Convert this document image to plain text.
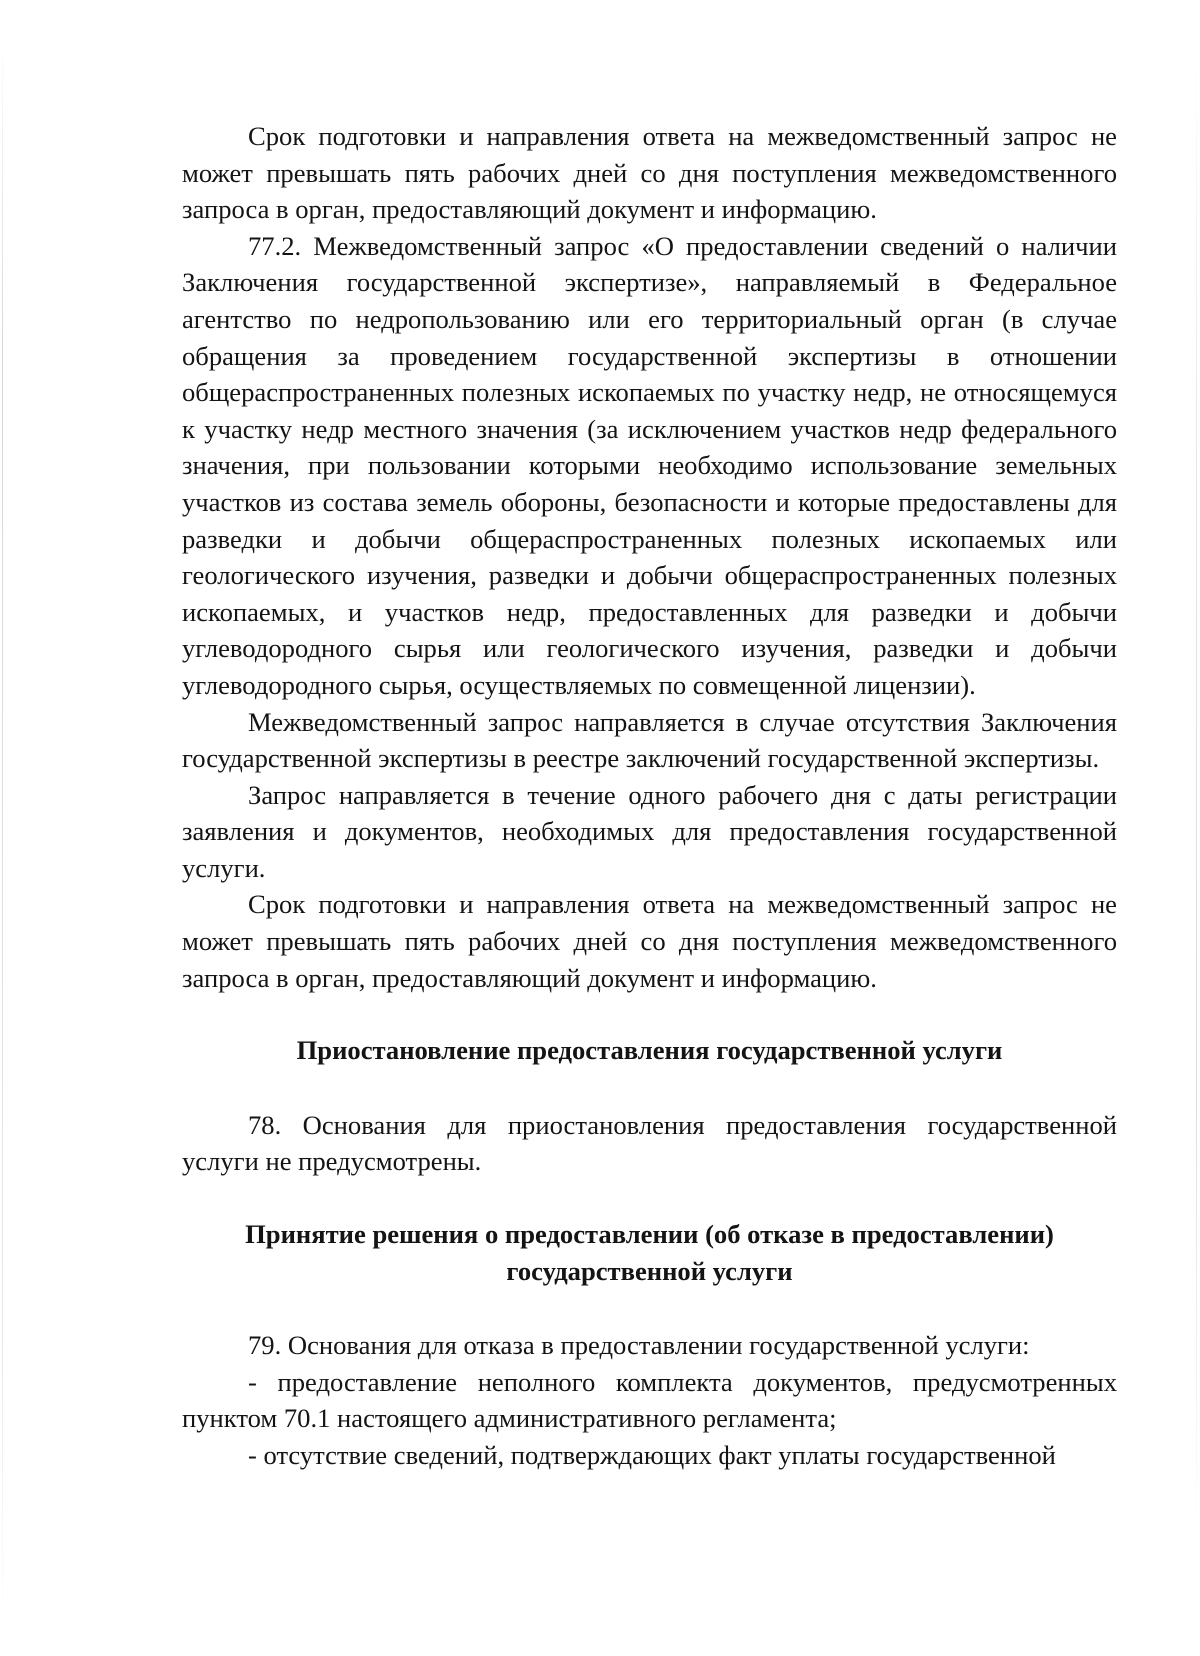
Срок подготовки и направления ответа на межведомственный запрос не может превышать пять рабочих дней со дня поступления межведомственного запроса в орган, предоставляющий документ и информацию.

77.2. Межведомственный запрос «О предоставлении сведений о наличии Заключения государственной экспертизе», направляемый в Федеральное агентство по недропользованию или его территориальный орган (в случае обращения за проведением государственной экспертизы в отношении общераспространенных полезных ископаемых по участку недр, не относящемуся к участку недр местного значения (за исключением участков недр федерального значения, при пользовании которыми необходимо использование земельных участков из состава земель обороны, безопасности и которые предоставлены для разведки и добычи общераспространенных полезных ископаемых или геологического изучения, разведки и добычи общераспространенных полезных ископаемых, и участков недр, предоставленных для разведки и добычи углеводородного сырья или геологического изучения, разведки и добычи углеводородного сырья, осуществляемых по совмещенной лицензии).

Межведомственный запрос направляется в случае отсутствия Заключения государственной экспертизы в реестре заключений государственной экспертизы.

Запрос направляется в течение одного рабочего дня с даты регистрации заявления и документов, необходимых для предоставления государственной услуги.

Срок подготовки и направления ответа на межведомственный запрос не может превышать пять рабочих дней со дня поступления межведомственного запроса в орган, предоставляющий документ и информацию.

Приостановление предоставления государственной услуги

78. Основания для приостановления предоставления государственной услуги не предусмотрены.

Принятие решения о предоставлении (об отказе в предоставлении)
государственной услуги

79. Основания для отказа в предоставлении государственной услуги:

- предоставление неполного комплекта документов, предусмотренных пунктом 70.1 настоящего административного регламента;

- отсутствие сведений, подтверждающих факт уплаты государственной
